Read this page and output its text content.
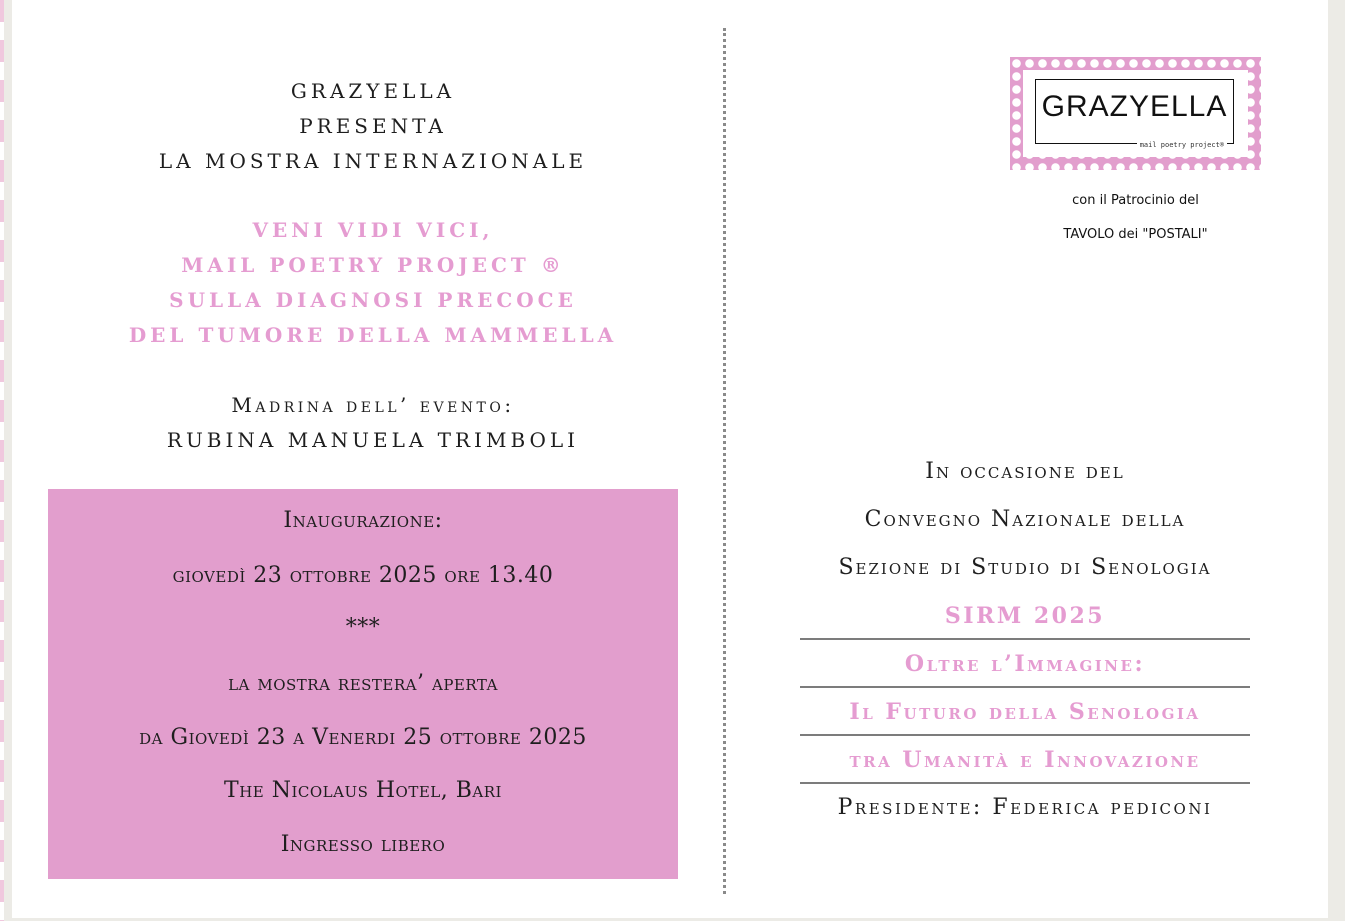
GRAZYELLA
PRESENTA
LA MOSTRA INTERNAZIONALE
VENI VIDI VICI,
MAIL POETRY PROJECT ®
SULLA DIAGNOSI PRECOCE
DEL TUMORE DELLA MAMMELLA
Madrina dell’ evento:
RUBINA MANUELA TRIMBOLI
Inaugurazione:
giovedì 23 ottobre 2025 ore 13.40
***
la mostra restera’ aperta
da Giovedì 23 a Venerdi 25 ottobre 2025
The Nicolaus Hotel, Bari
Ingresso libero
GRAZYELLA
mail poetry project®
con il Patrocinio del
TAVOLO dei "POSTALI"
In occasione del
Convegno Nazionale della
Sezione di Studio di Senologia
SIRM 2025
Oltre l’Immagine:
Il Futuro della Senologia
tra Umanità e Innovazione
Presidente: Federica pediconi
